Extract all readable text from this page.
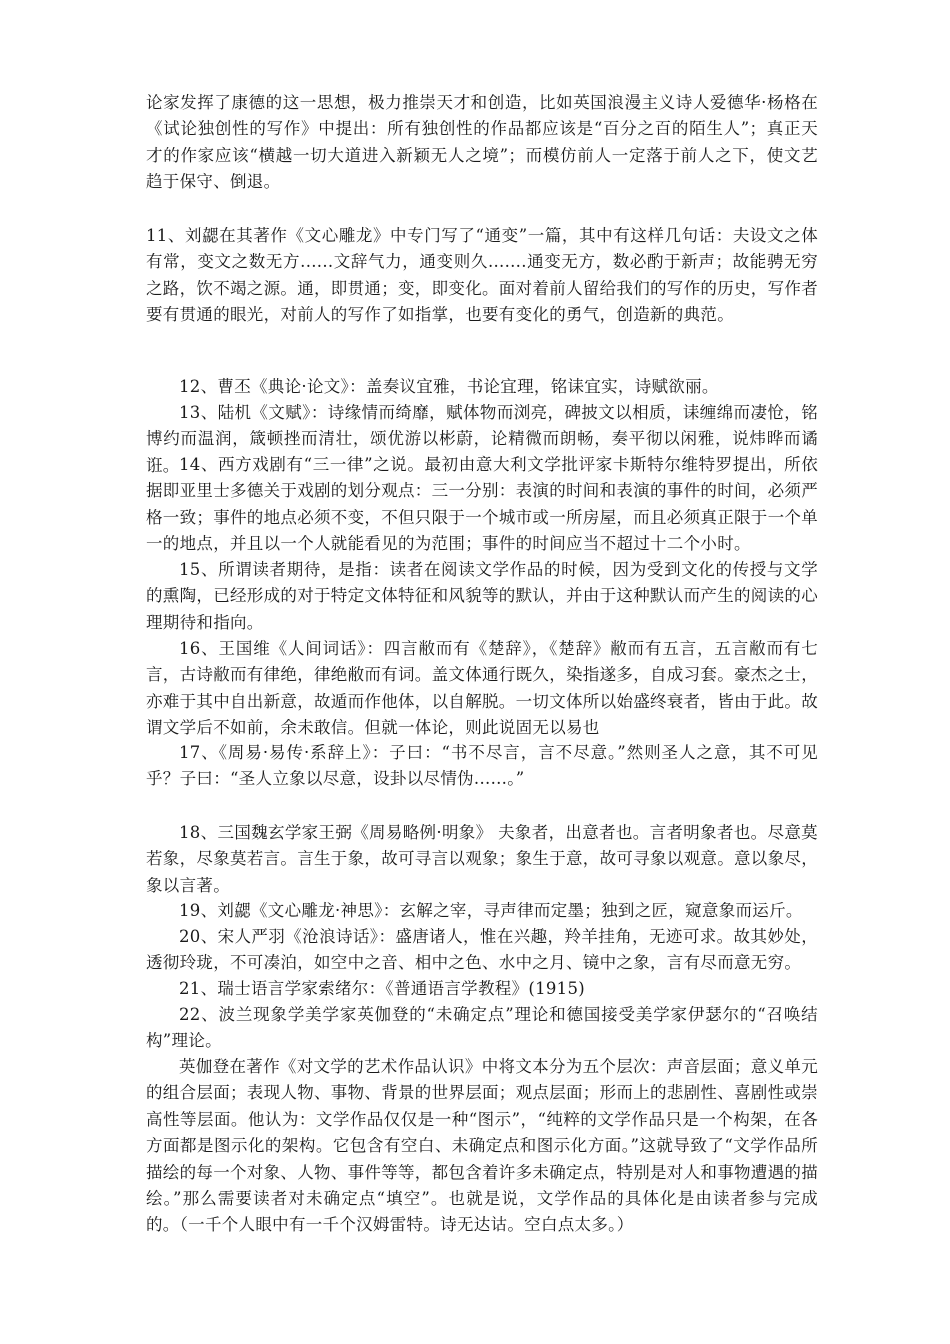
论家发挥了康德的这一思想，极力推崇天才和创造，比如英国浪漫主义诗人爱德华·杨格在《试论独创性的写作》中提出：所有独创性的作品都应该是“百分之百的陌生人”；真正天才的作家应该“横越一切大道进入新颖无人之境”；而模仿前人一定落于前人之下，使文艺趋于保守、倒退。

11、刘勰在其著作《文心雕龙》中专门写了“通变”一篇，其中有这样几句话：夫设文之体有常，变文之数无方......文辞气力，通变则久.......通变无方，数必酌于新声；故能骋无穷之路，饮不竭之源。通，即贯通；变，即变化。面对着前人留给我们的写作的历史，写作者要有贯通的眼光，对前人的写作了如指掌，也要有变化的勇气，创造新的典范。

12、曹丕《典论·论文》：盖奏议宜雅，书论宜理，铭诔宜实，诗赋欲丽。

13、陆机《文赋》：诗缘情而绮靡，赋体物而浏亮，碑披文以相质，诔缠绵而凄怆，铭博约而温润，箴顿挫而清壮，颂优游以彬蔚，论精微而朗畅，奏平彻以闲雅，说炜晔而谲诳。 14、西方戏剧有“三一律”之说。最初由意大利文学批评家卡斯特尔维特罗提出，所依据即亚里士多德关于戏剧的划分观点：三一分别：表演的时间和表演的事件的时间，必须严格一致；事件的地点必须不变，不但只限于一个城市或一所房屋，而且必须真正限于一个单一的地点，并且以一个人就能看见的为范围；事件的时间应当不超过十二个小时。

15、所谓读者期待，是指：读者在阅读文学作品的时候，因为受到文化的传授与文学的熏陶，已经形成的对于特定文体特征和风貌等的默认，并由于这种默认而产生的阅读的心理期待和指向。

16、王国维《人间词话》：四言敝而有《楚辞》，《楚辞》敝而有五言，五言敝而有七言，古诗敝而有律绝，律绝敝而有词。盖文体通行既久，染指遂多，自成习套。豪杰之士，亦难于其中自出新意，故遁而作他体，以自解脱。一切文体所以始盛终衰者，皆由于此。故谓文学后不如前，余未敢信。但就一体论，则此说固无以易也

17、《周易·易传·系辞上》：子曰：“书不尽言，言不尽意。”然则圣人之意，其不可见乎？子曰：“圣人立象以尽意，设卦以尽情伪......。”

18、三国魏玄学家王弼《周易略例·明象》 夫象者，出意者也。言者明象者也。尽意莫若象，尽象莫若言。言生于象，故可寻言以观象；象生于意，故可寻象以观意。意以象尽，象以言著。

19、刘勰《文心雕龙·神思》：玄解之宰，寻声律而定墨；独到之匠，窥意象而运斤。

20、宋人严羽《沧浪诗话》：盛唐诸人，惟在兴趣，羚羊挂角，无迹可求。故其妙处，透彻玲珑，不可凑泊，如空中之音、相中之色、水中之月、镜中之象，言有尽而意无穷。

21、瑞士语言学家索绪尔：《普通语言学教程》(1915)

22、波兰现象学美学家英伽登的“未确定点”理论和德国接受美学家伊瑟尔的“召唤结构”理论。

英伽登在著作《对文学的艺术作品认识》中将文本分为五个层次：声音层面；意义单元的组合层面；表现人物、事物、背景的世界层面；观点层面；形而上的悲剧性、喜剧性或崇高性等层面。他认为：文学作品仅仅是一种“图示”，“纯粹的文学作品只是一个构架，在各方面都是图示化的架构。它包含有空白、未确定点和图示化方面。”这就导致了“文学作品所描绘的每一个对象、人物、事件等等，都包含着许多未确定点，特别是对人和事物遭遇的描绘。”那么需要读者对未确定点“填空”。也就是说，文学作品的具体化是由读者参与完成的。（一千个人眼中有一千个汉姆雷特。诗无达诂。空白点太多。）
